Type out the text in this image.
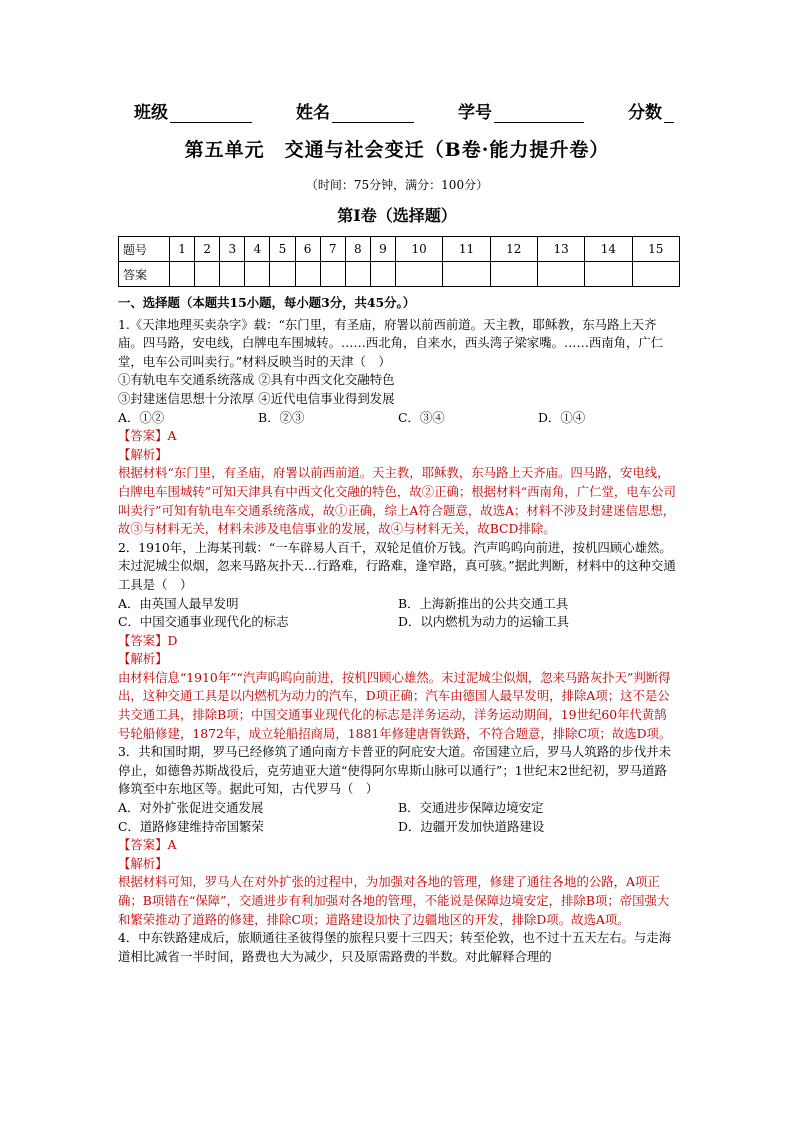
班级	姓名	学号	分数
第五单元　交通与社会变迁（B卷·能力提升卷）
（时间：75分钟，满分：100分）
第Ⅰ卷（选择题）
题号	1	2	3	4	5	6	7	8	9	10	11	12	13	14	15
答案															

一、选择题（本题共15小题，每小题3分，共45分。）

1.《天津地理买卖杂字》载：“东门里，有圣庙，府署以前西前道。天主教，耶稣教，东马路上天齐庙。四马路，安电线，白牌电车围城转。……西北角，自来水，西头湾子梁家嘴。……西南角，广仁堂，电车公司叫卖行。”材料反映当时的天津（　）

①有轨电车交通系统落成 ②具有中西文化交融特色

③封建迷信思想十分浓厚 ④近代电信事业得到发展

A．①②	B．②③	C．③④	D．①④

【答案】A

【解析】

根据材料“东门里，有圣庙，府署以前西前道。天主教，耶稣教，东马路上天齐庙。四马路，安电线，白牌电车围城转”可知天津具有中西文化交融的特色，故②正确；根据材料“西南角，广仁堂，电车公司叫卖行”可知有轨电车交通系统落成，故①正确，综上A符合题意，故选A；材料不涉及封建迷信思想，故③与材料无关，材料未涉及电信事业的发展，故④与材料无关，故BCD排除。

2．1910年，上海某刊载：“一车辟易人百千，双轮足值价万钱。汽声呜呜向前进，按机四顾心雄然。末过泥城尘似烟，忽来马路灰扑天…行路难，行路难，逢窄路，真可骇。”据此判断，材料中的这种交通工具是（　）

A．由英国人最早发明	B．上海新推出的公共交通工具
C．中国交通事业现代化的标志	D．以内燃机为动力的运输工具

【答案】D

【解析】

由材料信息“1910年”“汽声呜呜向前进，按机四顾心雄然。末过泥城尘似烟，忽来马路灰扑天”判断得出，这种交通工具是以内燃机为动力的汽车，D项正确；汽车由德国人最早发明，排除A项；这不是公共交通工具，排除B项；中国交通事业现代化的标志是洋务运动，洋务运动期间，19世纪60年代黄鹄号轮船修建，1872年，成立轮船招商局，1881年修建唐胥铁路，不符合题意，排除C项；故选D项。

3．共和国时期，罗马已经修筑了通向南方卡普亚的阿庇安大道。帝国建立后，罗马人筑路的步伐并未停止，如德鲁苏斯战役后，克劳迪亚大道“使得阿尔卑斯山脉可以通行”；1世纪末2世纪初，罗马道路修筑至中东地区等。据此可知，古代罗马（　）

A．对外扩张促进交通发展	B．交通进步保障边境安定
C．道路修建维持帝国繁荣	D．边疆开发加快道路建设

【答案】A

【解析】

根据材料可知，罗马人在对外扩张的过程中，为加强对各地的管理，修建了通往各地的公路，A项正确；B项错在“保障”，交通进步有利加强对各地的管理，不能说是保障边境安定，排除B项；帝国强大和繁荣推动了道路的修建，排除C项；道路建设加快了边疆地区的开发，排除D项。故选A项。

4．中东铁路建成后，旅顺通往圣彼得堡的旅程只要十三四天；转至伦敦，也不过十五天左右。与走海道相比减省一半时间，路费也大为减少，只及原需路费的半数。对此解释合理的
